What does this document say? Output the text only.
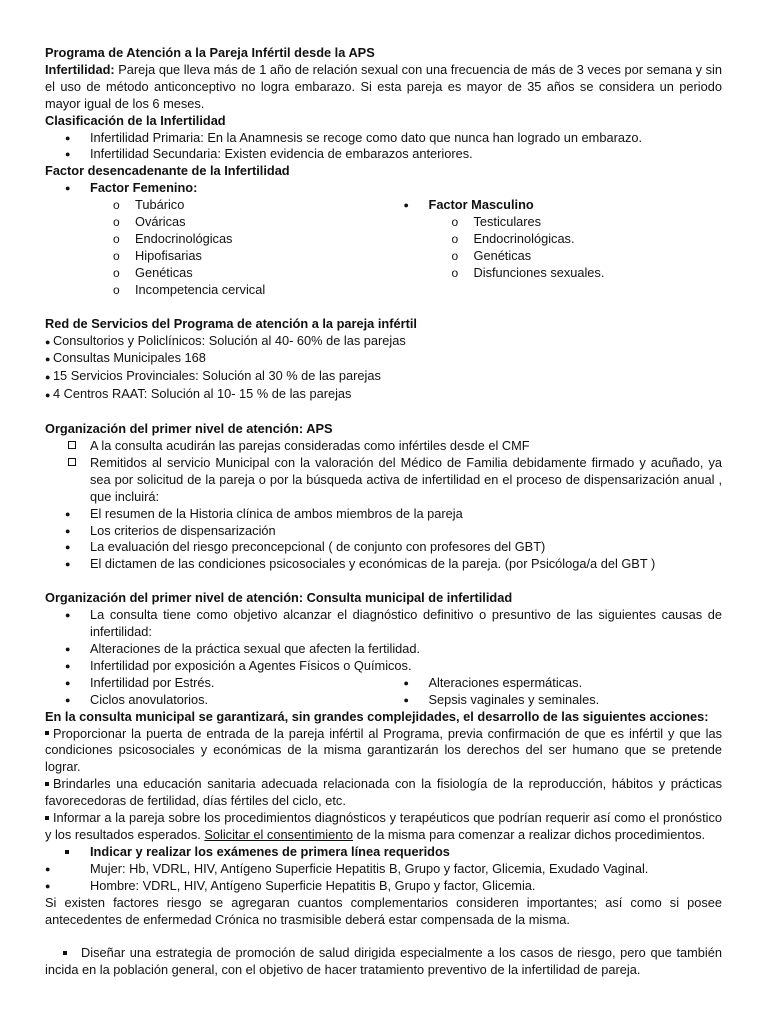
Programa de Atención a la Pareja Infértil desde la APS

Infertilidad: Pareja que lleva más de 1 año de relación sexual con una frecuencia de más de 3 veces por semana y sin el uso de método anticonceptivo no logra embarazo. Si esta pareja es mayor de 35 años se considera un periodo mayor igual de los 6 meses.

Clasificación de la Infertilidad

● Infertilidad Primaria: En la Anamnesis se recoge como dato que nunca han logrado un embarazo.
● Infertilidad Secundaria: Existen evidencia de embarazos anteriores.

Factor desencadenante de la Infertilidad

● Factor Femenino:
o Tubárico
o Ováricas
o Endocrinológicas
o Hipofisarias
o Genéticas
o Incompetencia cervical
● Factor Masculino
o Testiculares
o Endocrinológicas.
o Genéticas
o Disfunciones sexuales.

Red de Servicios del Programa de atención a la pareja infértil

● Consultorios y Policlínicos: Solución al 40- 60% de las parejas

● Consultas Municipales 168

● 15 Servicios Provinciales: Solución al 30 % de las parejas

● 4 Centros RAAT: Solución al 10- 15 % de las parejas

Organización del primer nivel de atención: APS

A la consulta acudirán las parejas consideradas como infértiles desde el CMF
Remitidos al servicio Municipal con la valoración del Médico de Familia debidamente firmado y acuñado, ya sea por solicitud de la pareja o por la búsqueda activa de infertilidad en el proceso de dispensarización anual , que incluirá:
● El resumen de la Historia clínica de ambos miembros de la pareja
● Los criterios de dispensarización
● La evaluación del riesgo preconcepcional ( de conjunto con profesores del GBT)
● El dictamen de las condiciones psicosociales y económicas de la pareja. (por Psicóloga/a del GBT )

Organización del primer nivel de atención: Consulta municipal de infertilidad

● La consulta tiene como objetivo alcanzar el diagnóstico definitivo o presuntivo de las siguientes causas de infertilidad:
● Alteraciones de la práctica sexual que afecten la fertilidad.
● Infertilidad por exposición a Agentes Físicos o Químicos.
● Infertilidad por Estrés.	● Alteraciones espermáticas.
● Ciclos anovulatorios.	● Sepsis vaginales y seminales.

En la consulta municipal se garantizará, sin grandes complejidades, el desarrollo de las siguientes acciones:

Proporcionar la puerta de entrada de la pareja infértil al Programa, previa confirmación de que es infértil y que las condiciones psicosociales y económicas de la misma garantizarán los derechos del ser humano que se pretende lograr.

Brindarles una educación sanitaria adecuada relacionada con la fisiología de la reproducción, hábitos y prácticas favorecedoras de fertilidad, días fértiles del ciclo, etc.

Informar a la pareja sobre los procedimientos diagnósticos y terapéuticos que podrían requerir así como el pronóstico y los resultados esperados. Solicitar el consentimiento de la misma para comenzar a realizar dichos procedimientos.

Indicar y realizar los exámenes de primera línea requeridos
●	Mujer: Hb, VDRL, HIV, Antígeno Superficie Hepatitis B, Grupo y factor, Glicemia, Exudado Vaginal.
●	Hombre: VDRL, HIV, Antígeno Superficie Hepatitis B, Grupo y factor, Glicemia.

Si existen factores riesgo se agregaran cuantos complementarios consideren importantes; así como si posee antecedentes de enfermedad Crónica no trasmisible deberá estar compensada de la misma.

Diseñar una estrategia de promoción de salud dirigida especialmente a los casos de riesgo, pero que también incida en la población general, con el objetivo de hacer tratamiento preventivo de la infertilidad de pareja.
